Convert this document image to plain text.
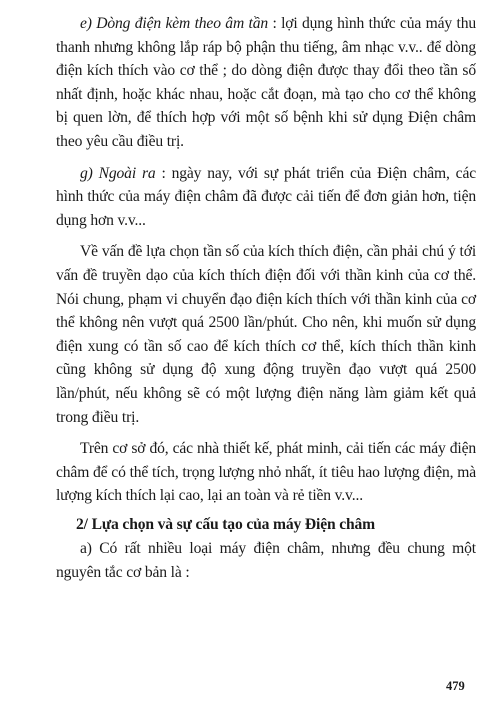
e) Dòng điện kèm theo âm tần : lợi dụng hình thức của máy thu thanh nhưng không lắp ráp bộ phận thu tiếng, âm nhạc v.v.. để dòng điện kích thích vào cơ thể ; do dòng điện được thay đổi theo tần số nhất định, hoặc khác nhau, hoặc cắt đoạn, mà tạo cho cơ thể không bị quen lờn, để thích hợp với một số bệnh khi sử dụng Điện châm theo yêu cầu điều trị.

g) Ngoài ra : ngày nay, với sự phát triển của Điện châm, các hình thức của máy điện châm đã được cải tiến để đơn giản hơn, tiện dụng hơn v.v...

Về vấn đề lựa chọn tần số của kích thích điện, cần phải chú ý tới vấn đề truyền dạo của kích thích điện đối với thần kinh của cơ thể. Nói chung, phạm vi chuyển đạo điện kích thích với thần kinh của cơ thể không nên vượt quá 2500 lần/phút. Cho nên, khi muốn sử dụng điện xung có tần số cao để kích thích cơ thể, kích thích thần kinh cũng không sử dụng độ xung động truyền đạo vượt quá 2500 lần/phút, nếu không sẽ có một lượng điện năng làm giảm kết quả trong điều trị.

Trên cơ sở đó, các nhà thiết kế, phát minh, cải tiến các máy điện châm để có thể tích, trọng lượng nhỏ nhất, ít tiêu hao lượng điện, mà lượng kích thích lại cao, lại an toàn và rẻ tiền v.v...

2/ Lựa chọn và sự cấu tạo của máy Điện châm

a) Có rất nhiều loại máy điện châm, nhưng đều chung một nguyên tắc cơ bản là :

479
